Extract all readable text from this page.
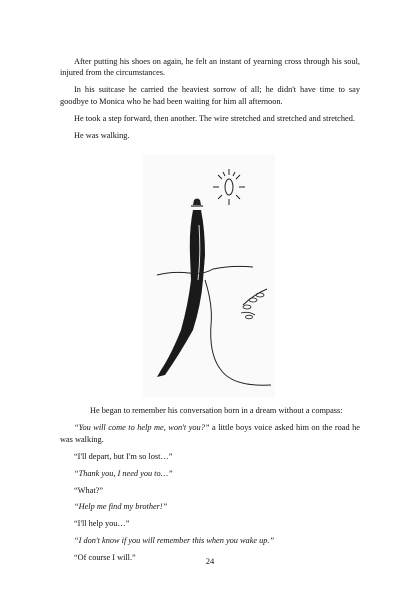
After putting his shoes on again, he felt an instant of yearning cross through his soul, injured from the circumstances.

In his suitcase he carried the heaviest sorrow of all; he didn't have time to say goodbye to Monica who he had been waiting for him all afternoon.

He took a step forward, then another. The wire stretched and stretched and stretched.

He was walking.

He began to remember his conversation born in a dream without a compass:

“You will come to help me, won't you?” a little boys voice asked him on the road he was walking.

“I'll depart, but I'm so lost…”

“Thank you, I need you to…”

“What?”

“Help me find my brother!”

“I'll help you…”

“I don't know if you will remember this when you wake up.”

“Of course I will.”	24
